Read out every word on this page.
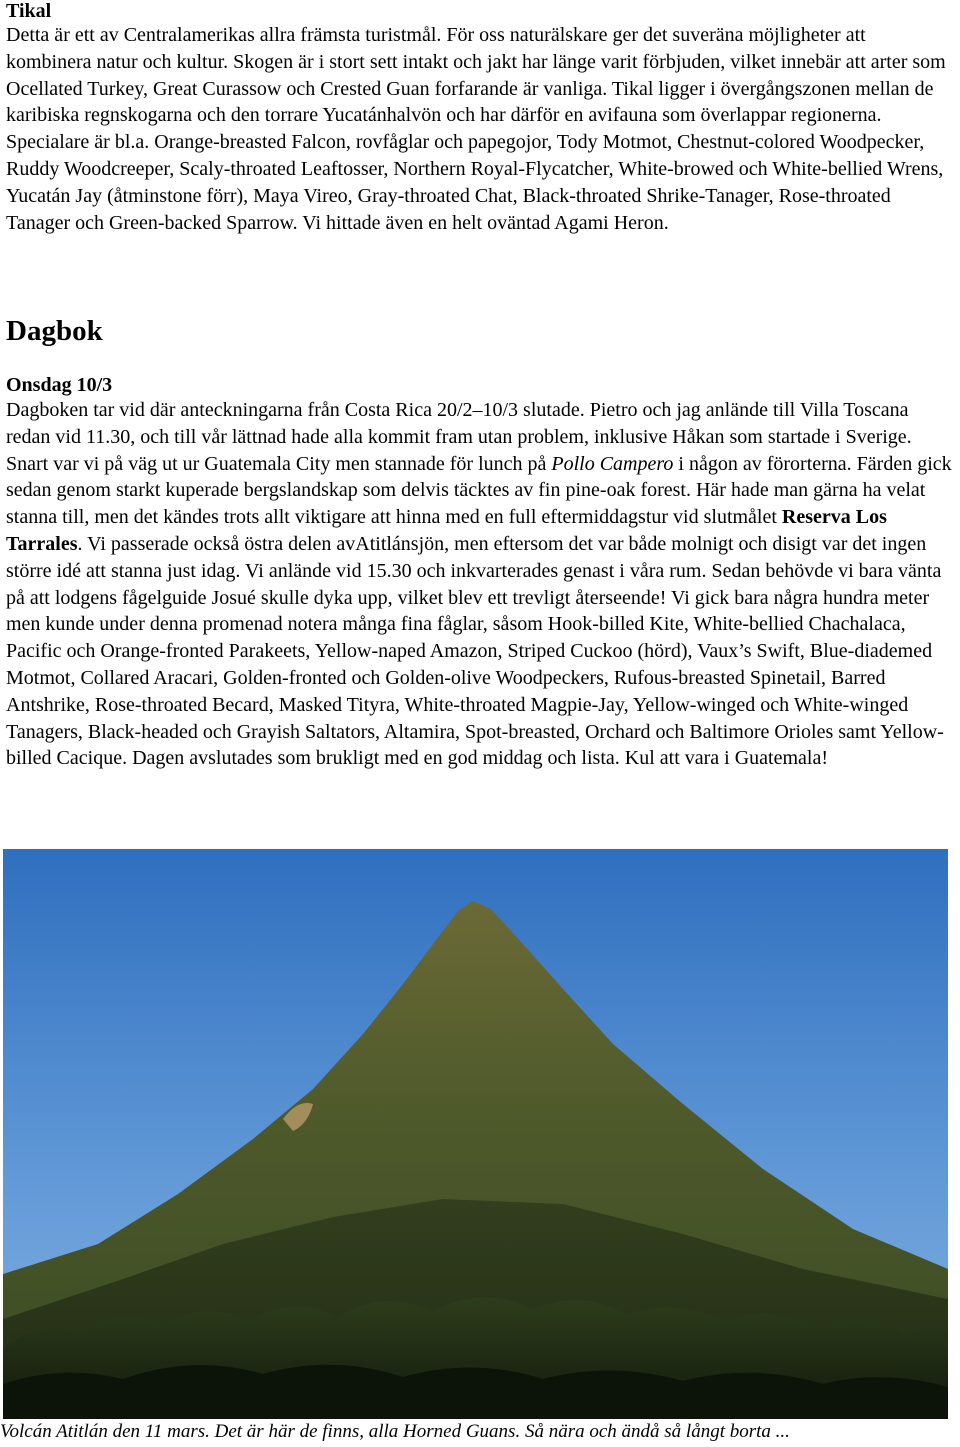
Tikal

Detta är ett av Centralamerikas allra främsta turistmål. För oss naturälskare ger det suveräna möjligheter att kombinera natur och kultur. Skogen är i stort sett intakt och jakt har länge varit förbjuden, vilket innebär att arter som Ocellated Turkey, Great Curassow och Crested Guan forfarande är vanliga. Tikal ligger i övergångszonen mellan de karibiska regnskogarna och den torrare Yucatánhalvön och har därför en avifauna som överlappar regionerna. Specialare är bl.a. Orange-breasted Falcon, rovfåglar och papegojor, Tody Motmot, Chestnut-colored Woodpecker, Ruddy Woodcreeper, Scaly-throated Leaftosser, Northern Royal-Flycatcher, White-browed och White-bellied Wrens, Yucatán Jay (åtminstone förr), Maya Vireo, Gray-throated Chat, Black-throated Shrike-Tanager, Rose-throated Tanager och Green-backed Sparrow. Vi hittade även en helt oväntad Agami Heron.

Dagbok
Onsdag 10/3

Dagboken tar vid där anteckningarna från Costa Rica 20/2–10/3 slutade. Pietro och jag anlände till Villa Toscana redan vid 11.30, och till vår lättnad hade alla kommit fram utan problem, inklusive Håkan som startade i Sverige. Snart var vi på väg ut ur Guatemala City men stannade för lunch på Pollo Campero i någon av förorterna. Färden gick sedan genom starkt kuperade bergslandskap som delvis täcktes av fin pine-oak forest. Här hade man gärna ha velat stanna till, men det kändes trots allt viktigare att hinna med en full eftermiddagstur vid slutmålet Reserva Los Tarrales. Vi passerade också östra delen avAtitlánsjön, men eftersom det var både molnigt och disigt var det ingen större idé att stanna just idag. Vi anlände vid 15.30 och inkvarterades genast i våra rum. Sedan behövde vi bara vänta på att lodgens fågelguide Josué skulle dyka upp, vilket blev ett trevligt återseende! Vi gick bara några hundra meter men kunde under denna promenad notera många fina fåglar, såsom Hook-billed Kite, White-bellied Chachalaca, Pacific och Orange-fronted Parakeets, Yellow-naped Amazon, Striped Cuckoo (hörd), Vaux’s Swift, Blue-diademed Motmot, Collared Aracari, Golden-fronted och Golden-olive Woodpeckers, Rufous-breasted Spinetail, Barred Antshrike, Rose-throated Becard, Masked Tityra, White-throated Magpie-Jay, Yellow-winged och White-winged Tanagers, Black-headed och Grayish Saltators, Altamira, Spot-breasted, Orchard och Baltimore Orioles samt Yellow-billed Cacique. Dagen avslutades som brukligt med en god middag och lista. Kul att vara i Guatemala!

Volcán Atitlán den 11 mars. Det är här de finns, alla Horned Guans. Så nära och ändå så långt borta ...
